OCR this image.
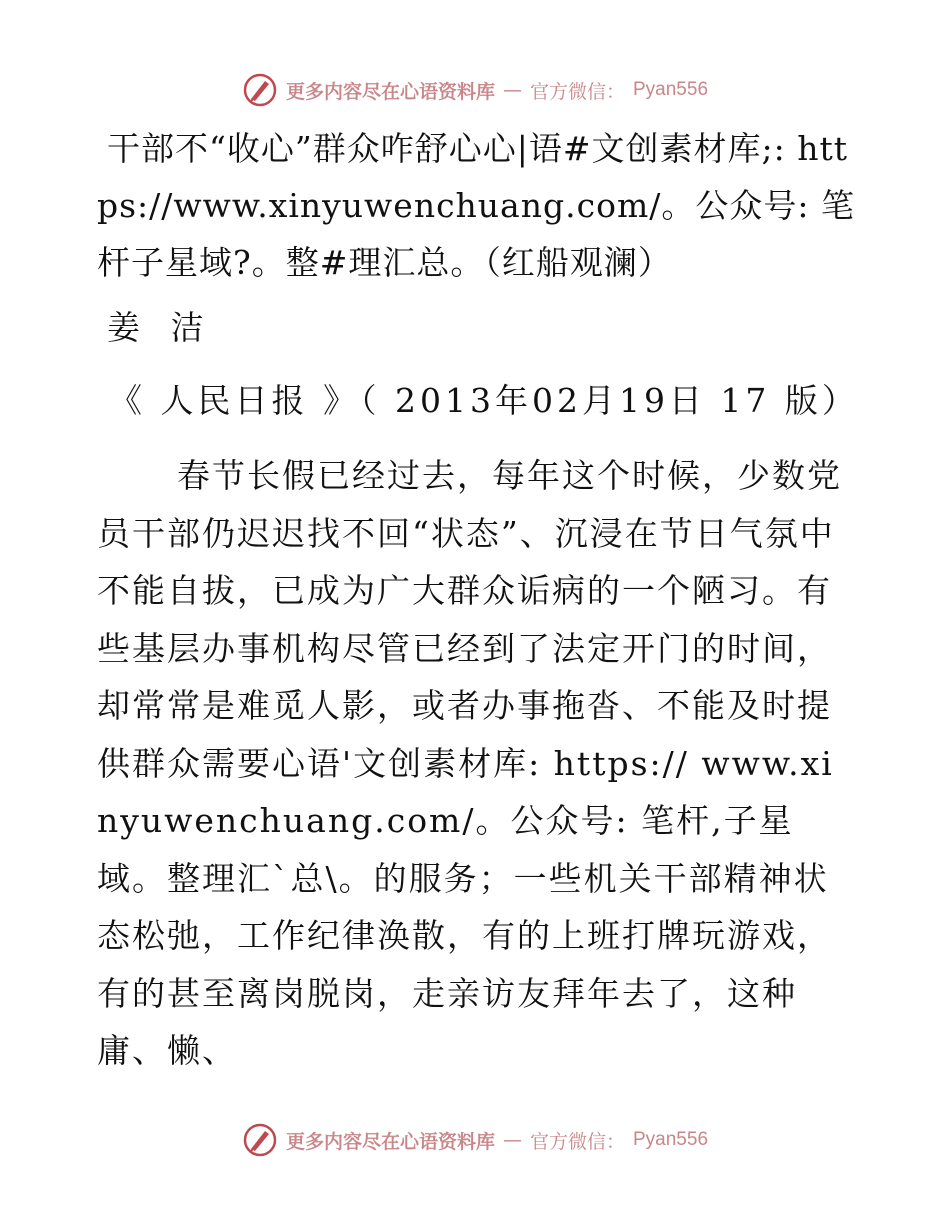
更多内容尽在心语资料库 — 官方微信： Pyan556

干部不“收心”群众咋舒心心|语#文创素材库;: https://www.xinyuwenchuang.com/。公众号: 笔杆子星域?。整#理汇总。（红船观澜）

姜 洁

《 人民日报 》（ 2013年02月19日 17 版）

春节长假已经过去，每年这个时候，少数党员干部仍迟迟找不回“状态”、沉浸在节日气氛中不能自拔，已成为广大群众诟病的一个陋习。有些基层办事机构尽管已经到了法定开门的时间，却常常是难觅人影，或者办事拖沓、不能及时提供群众需要心语'文创素材库: https:// www.xinyuwenchuang.com/。公众号: 笔杆,子星域。整理汇`总\。的服务；一些机关干部精神状态松弛，工作纪律涣散，有的上班打牌玩游戏，有的甚至离岗脱岗，走亲访友拜年去了，这种庸、懒、

更多内容尽在心语资料库 — 官方微信： Pyan556
